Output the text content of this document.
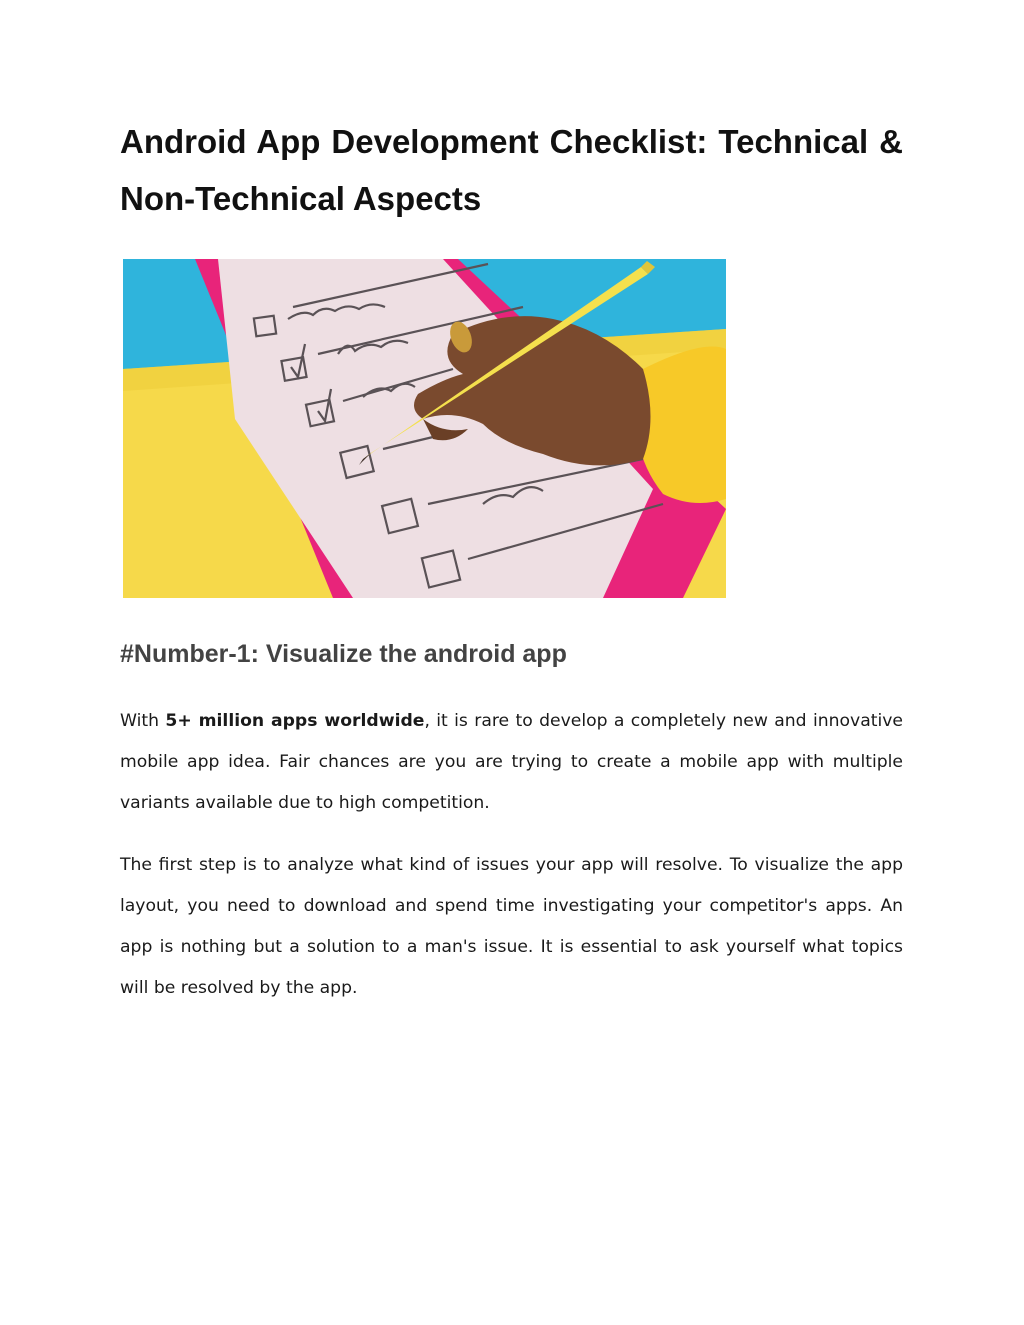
Android App Development Checklist: Technical & Non-Technical Aspects
#Number-1: Visualize the android app

With 5+ million apps worldwide, it is rare to develop a completely new and innovative mobile app idea. Fair chances are you are trying to create a mobile app with multiple variants available due to high competition.

The first step is to analyze what kind of issues your app will resolve. To visualize the app layout, you need to download and spend time investigating your competitor's apps. An app is nothing but a solution to a man's issue. It is essential to ask yourself what topics will be resolved by the app.
